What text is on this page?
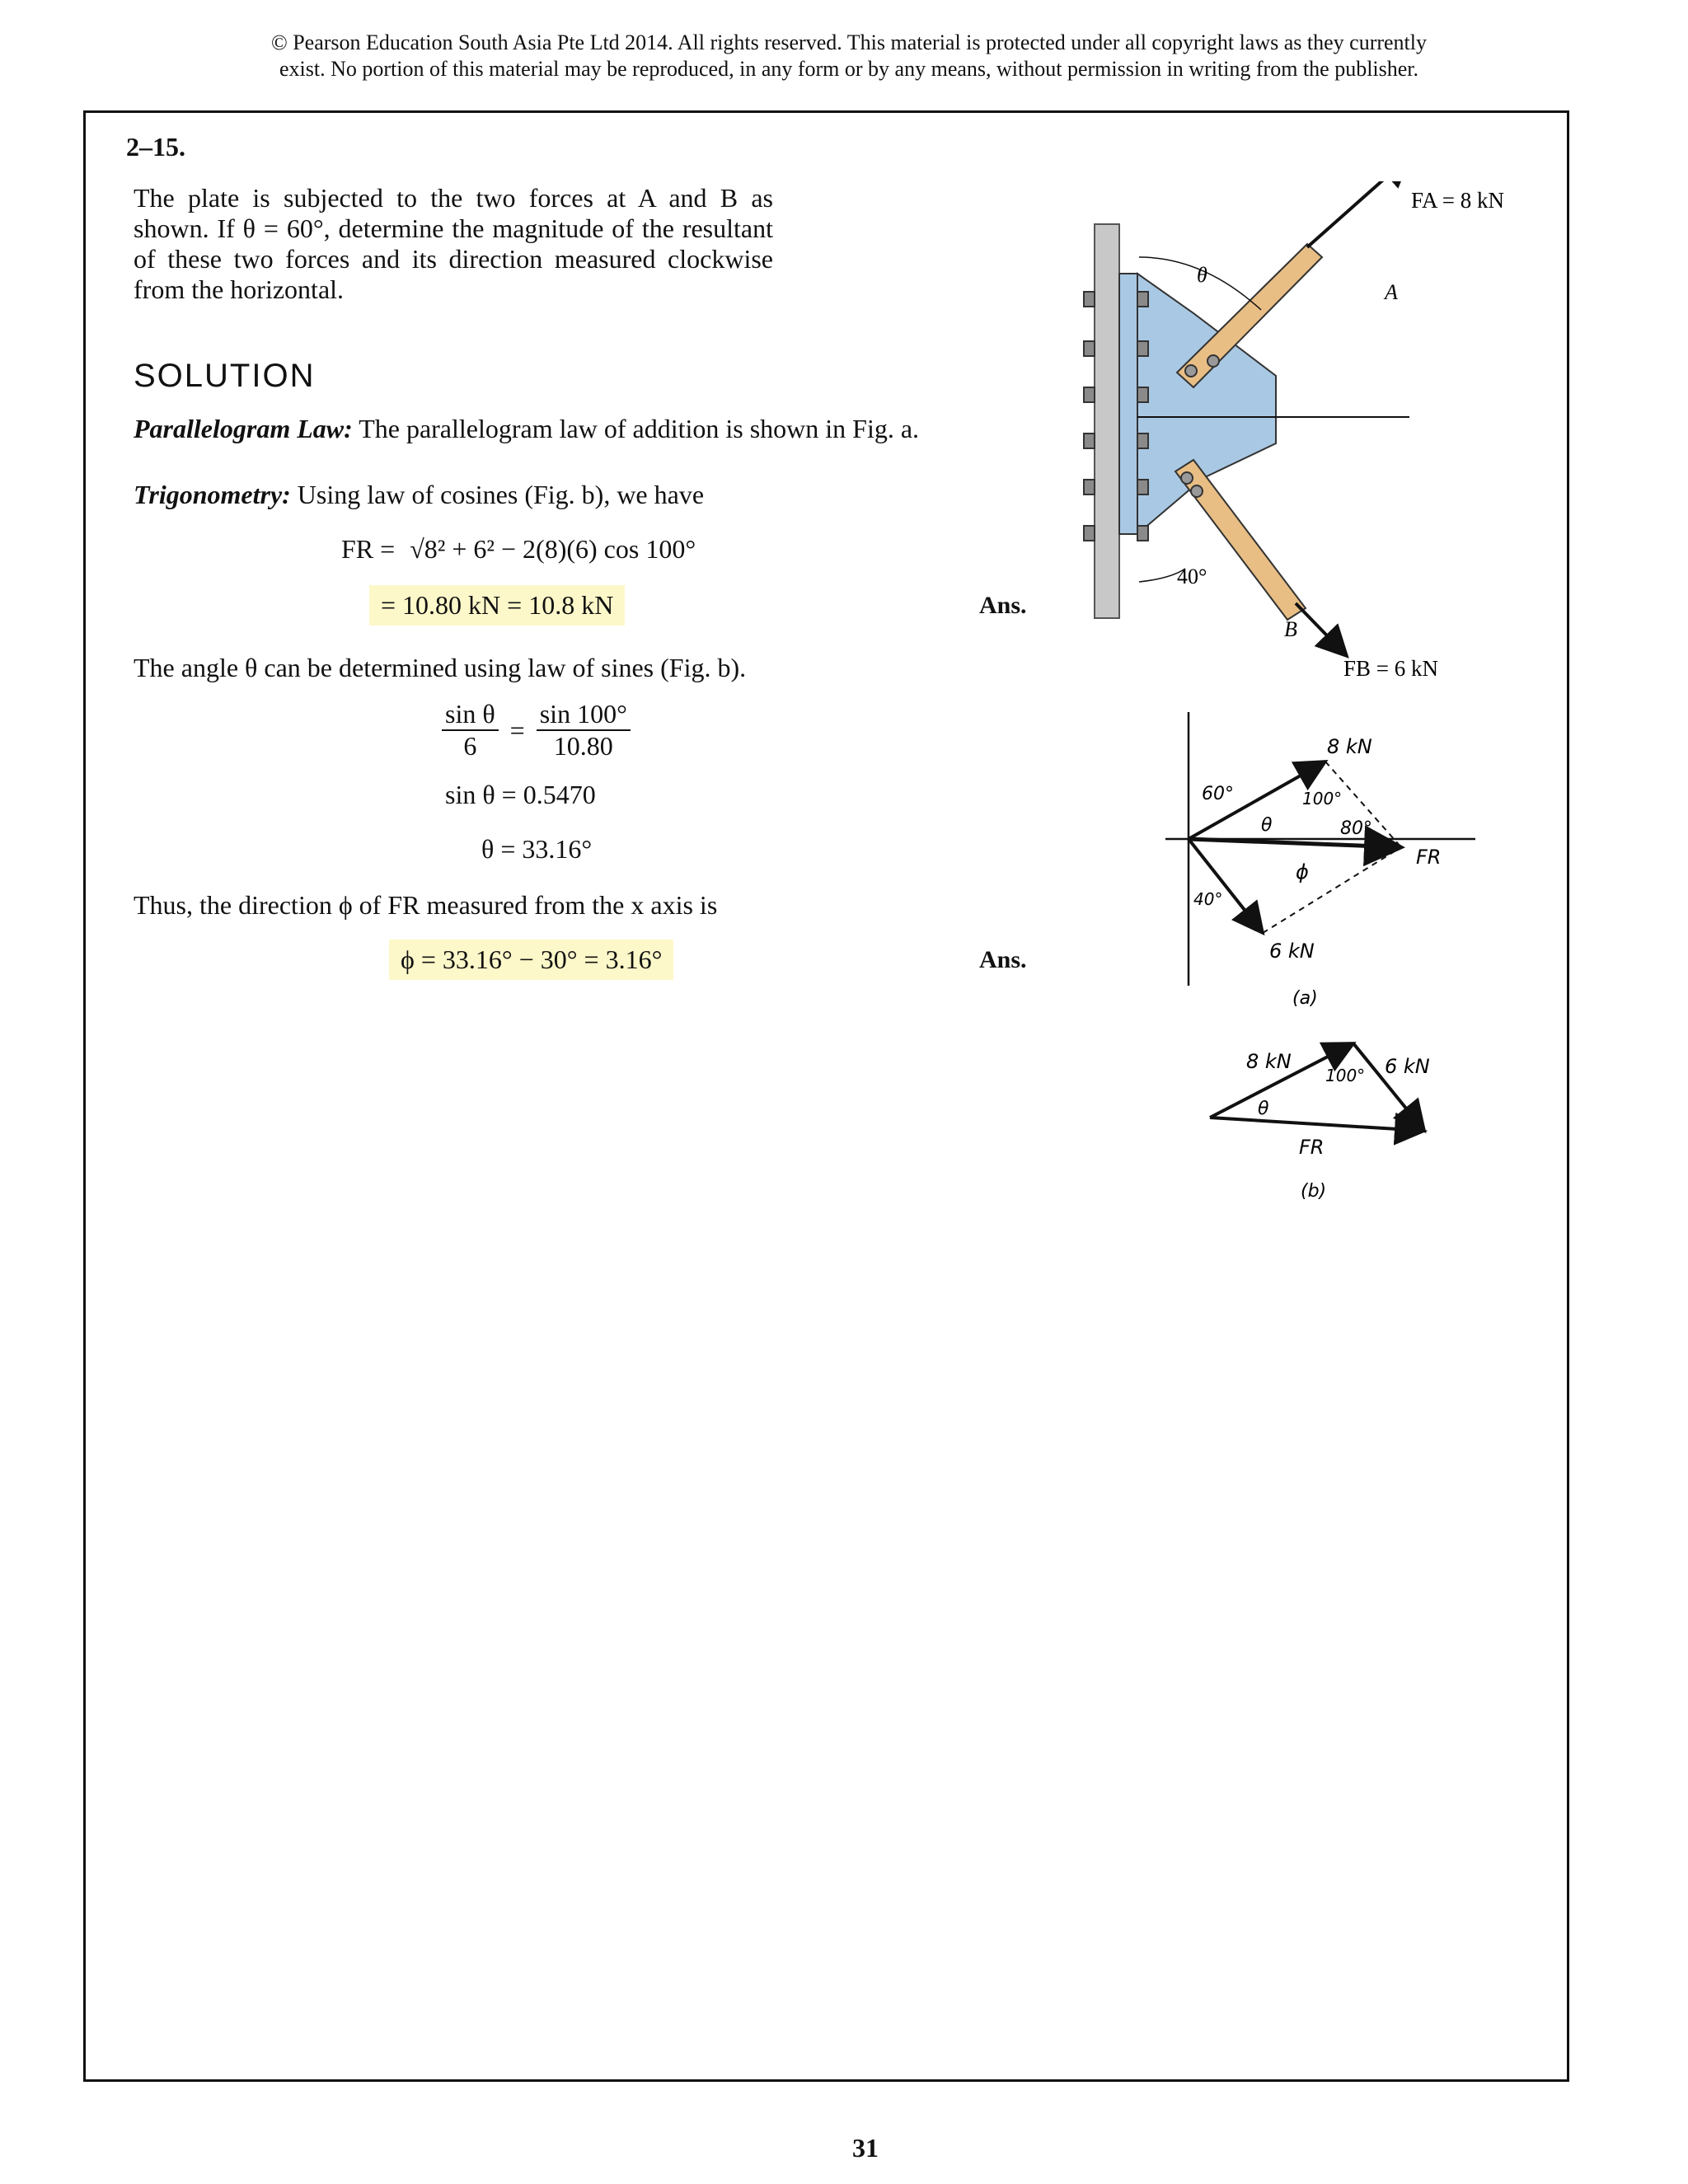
© Pearson Education South Asia Pte Ltd 2014. All rights reserved. This material is protected under all copyright laws as they currently
exist. No portion of this material may be reproduced, in any form or by any means, without permission in writing from the publisher.
2–15.
The plate is subjected to the two forces at A and B as shown. If θ = 60°, determine the magnitude of the resultant of these two forces and its direction measured clockwise from the horizontal.
SOLUTION
Parallelogram Law: The parallelogram law of addition is shown in Fig. a.
Trigonometry: Using law of cosines (Fig. b), we have
FR = √8² + 6² − 2(8)(6) cos 100°
= 10.80 kN = 10.8 kN	Ans.
The angle θ can be determined using law of sines (Fig. b).
$\frac{\text{sin θ}}{6} = \frac{\sin 100^\circ}{10.80}$
sin θ = 0.5470
θ = 33.16°
Thus, the direction ϕ of FR measured from the x axis is
ϕ = 33.16° − 30° = 3.16°	Ans.
θ
A
B
40°
FA = 8 kN
FB = 6 kN
8 kN
6 kN
60°	100°
80°
θ
ϕ
40°
FR
(a)
8 kN	6 kN
100°
θ
FR
(b)
31
